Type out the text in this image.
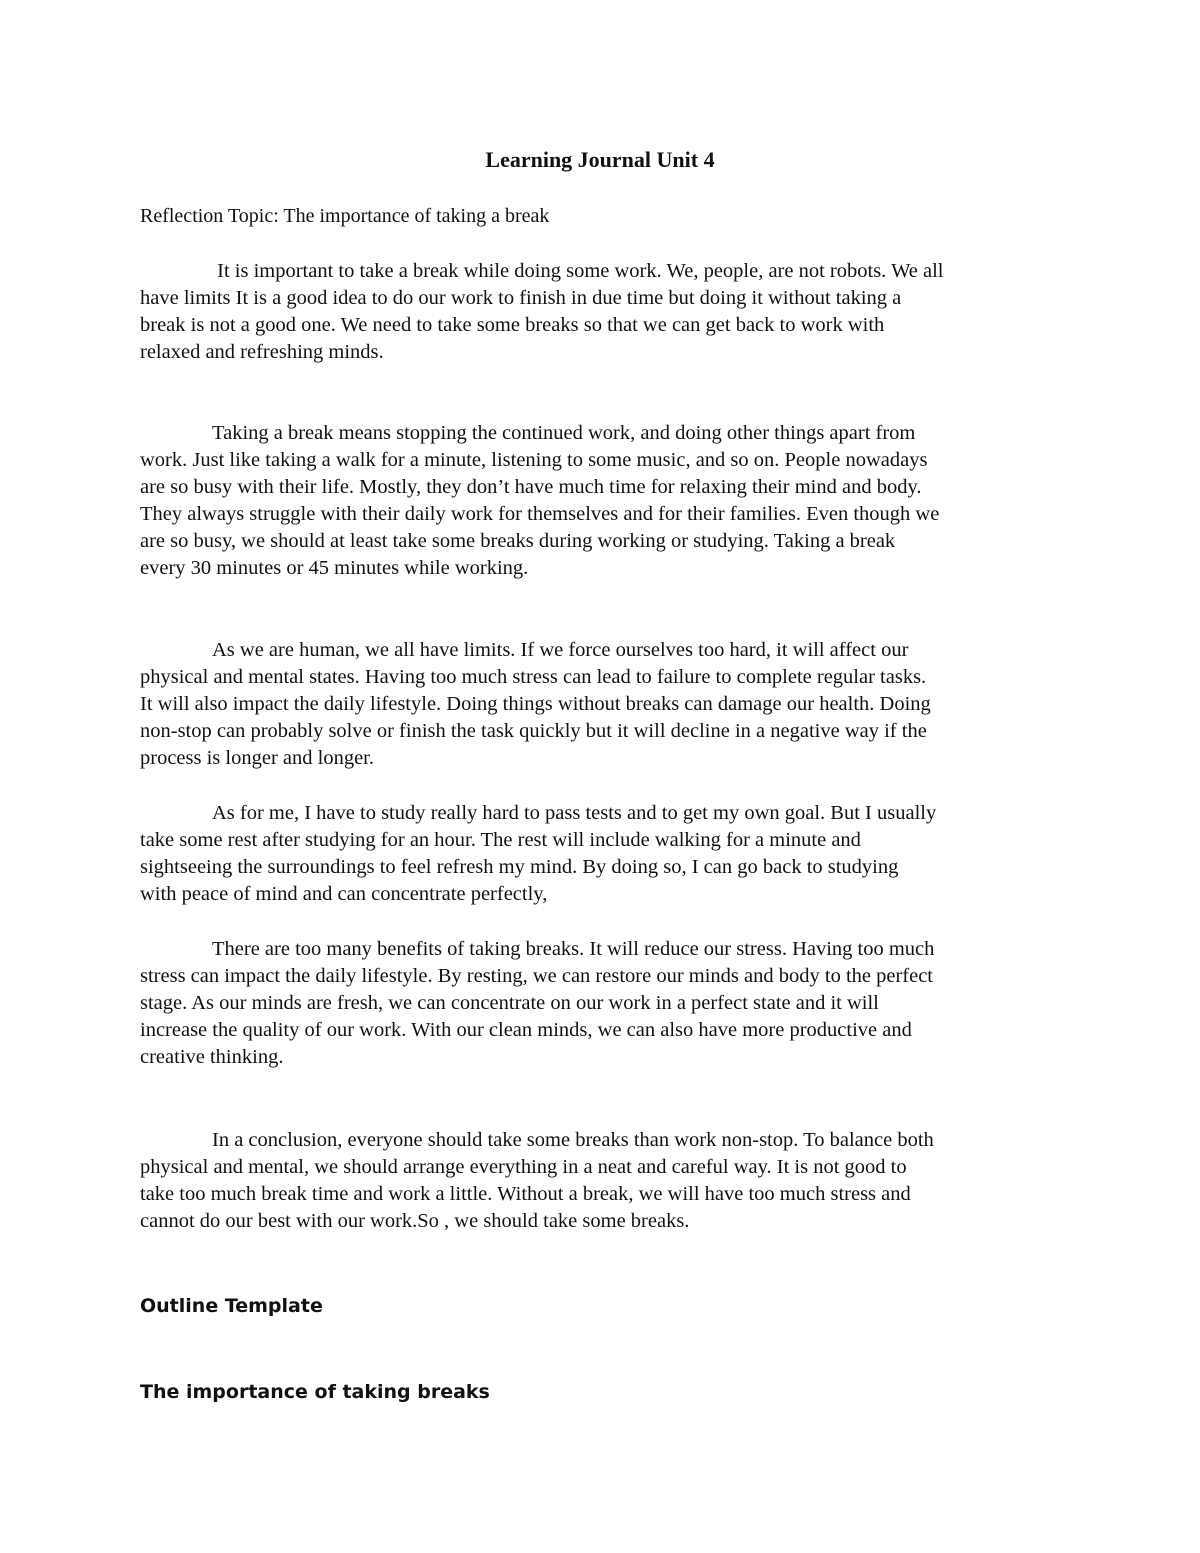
Learning Journal Unit 4
Reflection Topic: The importance of taking a break
It is important to take a break while doing some work. We, people, are not robots. We all
have limits It is a good idea to do our work to finish in due time but doing it without taking a
break is not a good one. We need to take some breaks so that we can get back to work with
relaxed and refreshing minds.
Taking a break means stopping the continued work, and doing other things apart from
work. Just like taking a walk for a minute, listening to some music, and so on. People nowadays
are so busy with their life. Mostly, they don’t have much time for relaxing their mind and body.
They always struggle with their daily work for themselves and for their families. Even though we
are so busy, we should at least take some breaks during working or studying. Taking a break
every 30 minutes or 45 minutes while working.
As we are human, we all have limits. If we force ourselves too hard, it will affect our
physical and mental states. Having too much stress can lead to failure to complete regular tasks.
It will also impact the daily lifestyle. Doing things without breaks can damage our health. Doing
non-stop can probably solve or finish the task quickly but it will decline in a negative way if the
process is longer and longer.
As for me, I have to study really hard to pass tests and to get my own goal. But I usually
take some rest after studying for an hour. The rest will include walking for a minute and
sightseeing the surroundings to feel refresh my mind. By doing so, I can go back to studying
with peace of mind and can concentrate perfectly,
There are too many benefits of taking breaks. It will reduce our stress. Having too much
stress can impact the daily lifestyle. By resting, we can restore our minds and body to the perfect
stage. As our minds are fresh, we can concentrate on our work in a perfect state and it will
increase the quality of our work. With our clean minds, we can also have more productive and
creative thinking.
In a conclusion, everyone should take some breaks than work non-stop. To balance both
physical and mental, we should arrange everything in a neat and careful way. It is not good to
take too much break time and work a little. Without a break, we will have too much stress and
cannot do our best with our work.So , we should take some breaks.
Outline Template
The importance of taking breaks
